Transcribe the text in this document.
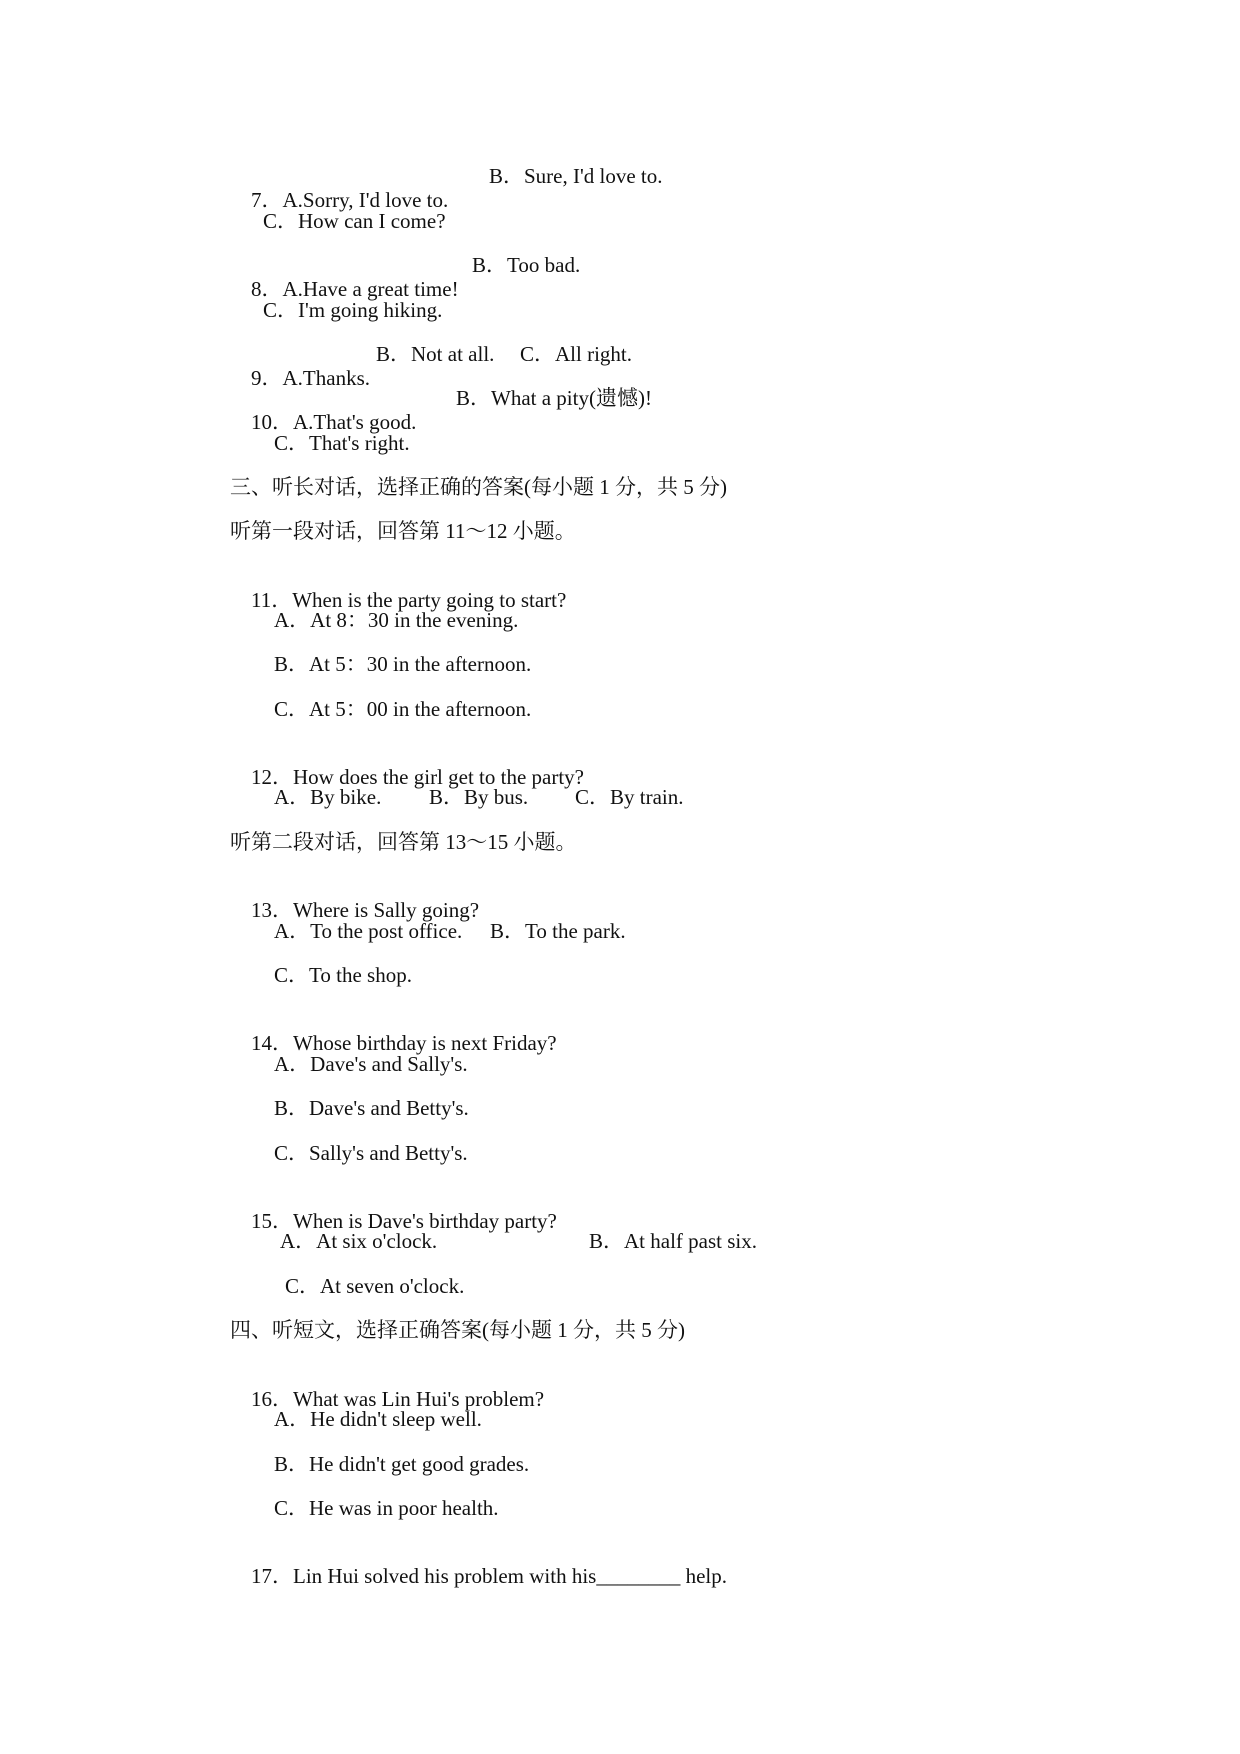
7．A.Sorry, I'd love to.

B．Sure, I'd love to.
C．How can I come?

8．A.Have a great time!

B．Too bad.
C．I'm going hiking.

9．A.Thanks.

B．Not at all. C．All right.

10．A.That's good.

B．What a pity(遗憾)!
C．That's right.
三、听长对话，选择正确的答案(每小题 1 分，共 5 分)
听第一段对话，回答第 11～12 小题。

11．When is the party going to start?

A．At 8：30 in the evening.
B．At 5：30 in the afternoon.
C．At 5：00 in the afternoon.

12．How does the girl get to the party?

A．By bike. B．By bus. C．By train.
听第二段对话，回答第 13～15 小题。

13．Where is Sally going?

A．To the post office. B．To the park.
C．To the shop.

14．Whose birthday is next Friday?

A．Dave's and Sally's.
B．Dave's and Betty's.
C．Sally's and Betty's.

15．When is Dave's birthday party?

A．At six o'clock.	B．At half past six.
C．At seven o'clock.
四、听短文，选择正确答案(每小题 1 分，共 5 分)

16．What was Lin Hui's problem?

A．He didn't sleep well.
B．He didn't get good grades.
C．He was in poor health.

17．Lin Hui solved his problem with his________ help.
